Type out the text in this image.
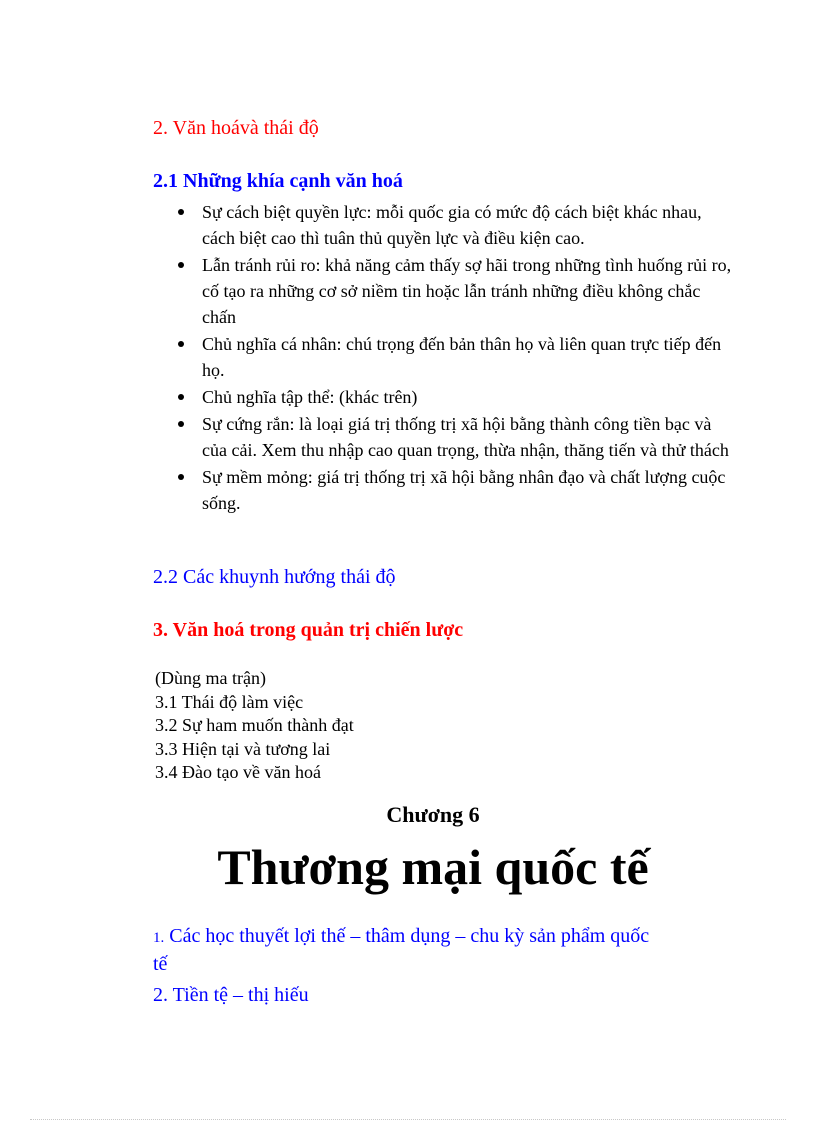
2. Văn hoávà thái độ
2.1 Những khía cạnh văn hoá
Sự cách biệt quyền lực: mỗi quốc gia có mức độ cách biệt khác nhau, cách biệt cao thì tuân thủ quyền lực và điều kiện cao.
Lẫn tránh rủi ro: khả năng cảm thấy sợ hãi trong những tình huống rủi ro, cố tạo ra những cơ sở niềm tin hoặc lẫn tránh những điều không chắc chấn
Chủ nghĩa cá nhân: chú trọng đến bản thân họ và liên quan trực tiếp đến họ.
Chủ nghĩa tập thể: (khác trên)
Sự cứng rắn: là loại giá trị thống trị xã hội bằng thành công tiền bạc và của cải. Xem thu nhập cao quan trọng, thừa nhận, thăng tiến và thử thách
Sự mềm mỏng: giá trị thống trị xã hội bằng nhân đạo và chất lượng cuộc sống.
2.2 Các khuynh hướng thái độ
3. Văn hoá trong quản trị chiến lược
(Dùng ma trận)
3.1 Thái độ làm việc
3.2 Sự ham muốn thành đạt
3.3 Hiện tại và tương lai
3.4 Đào tạo về văn hoá
Chương 6
Thương mại quốc tế
1. Các học thuyết lợi thế – thâm dụng – chu kỳ sản phẩm quốc
tế
2. Tiền tệ – thị hiếu
